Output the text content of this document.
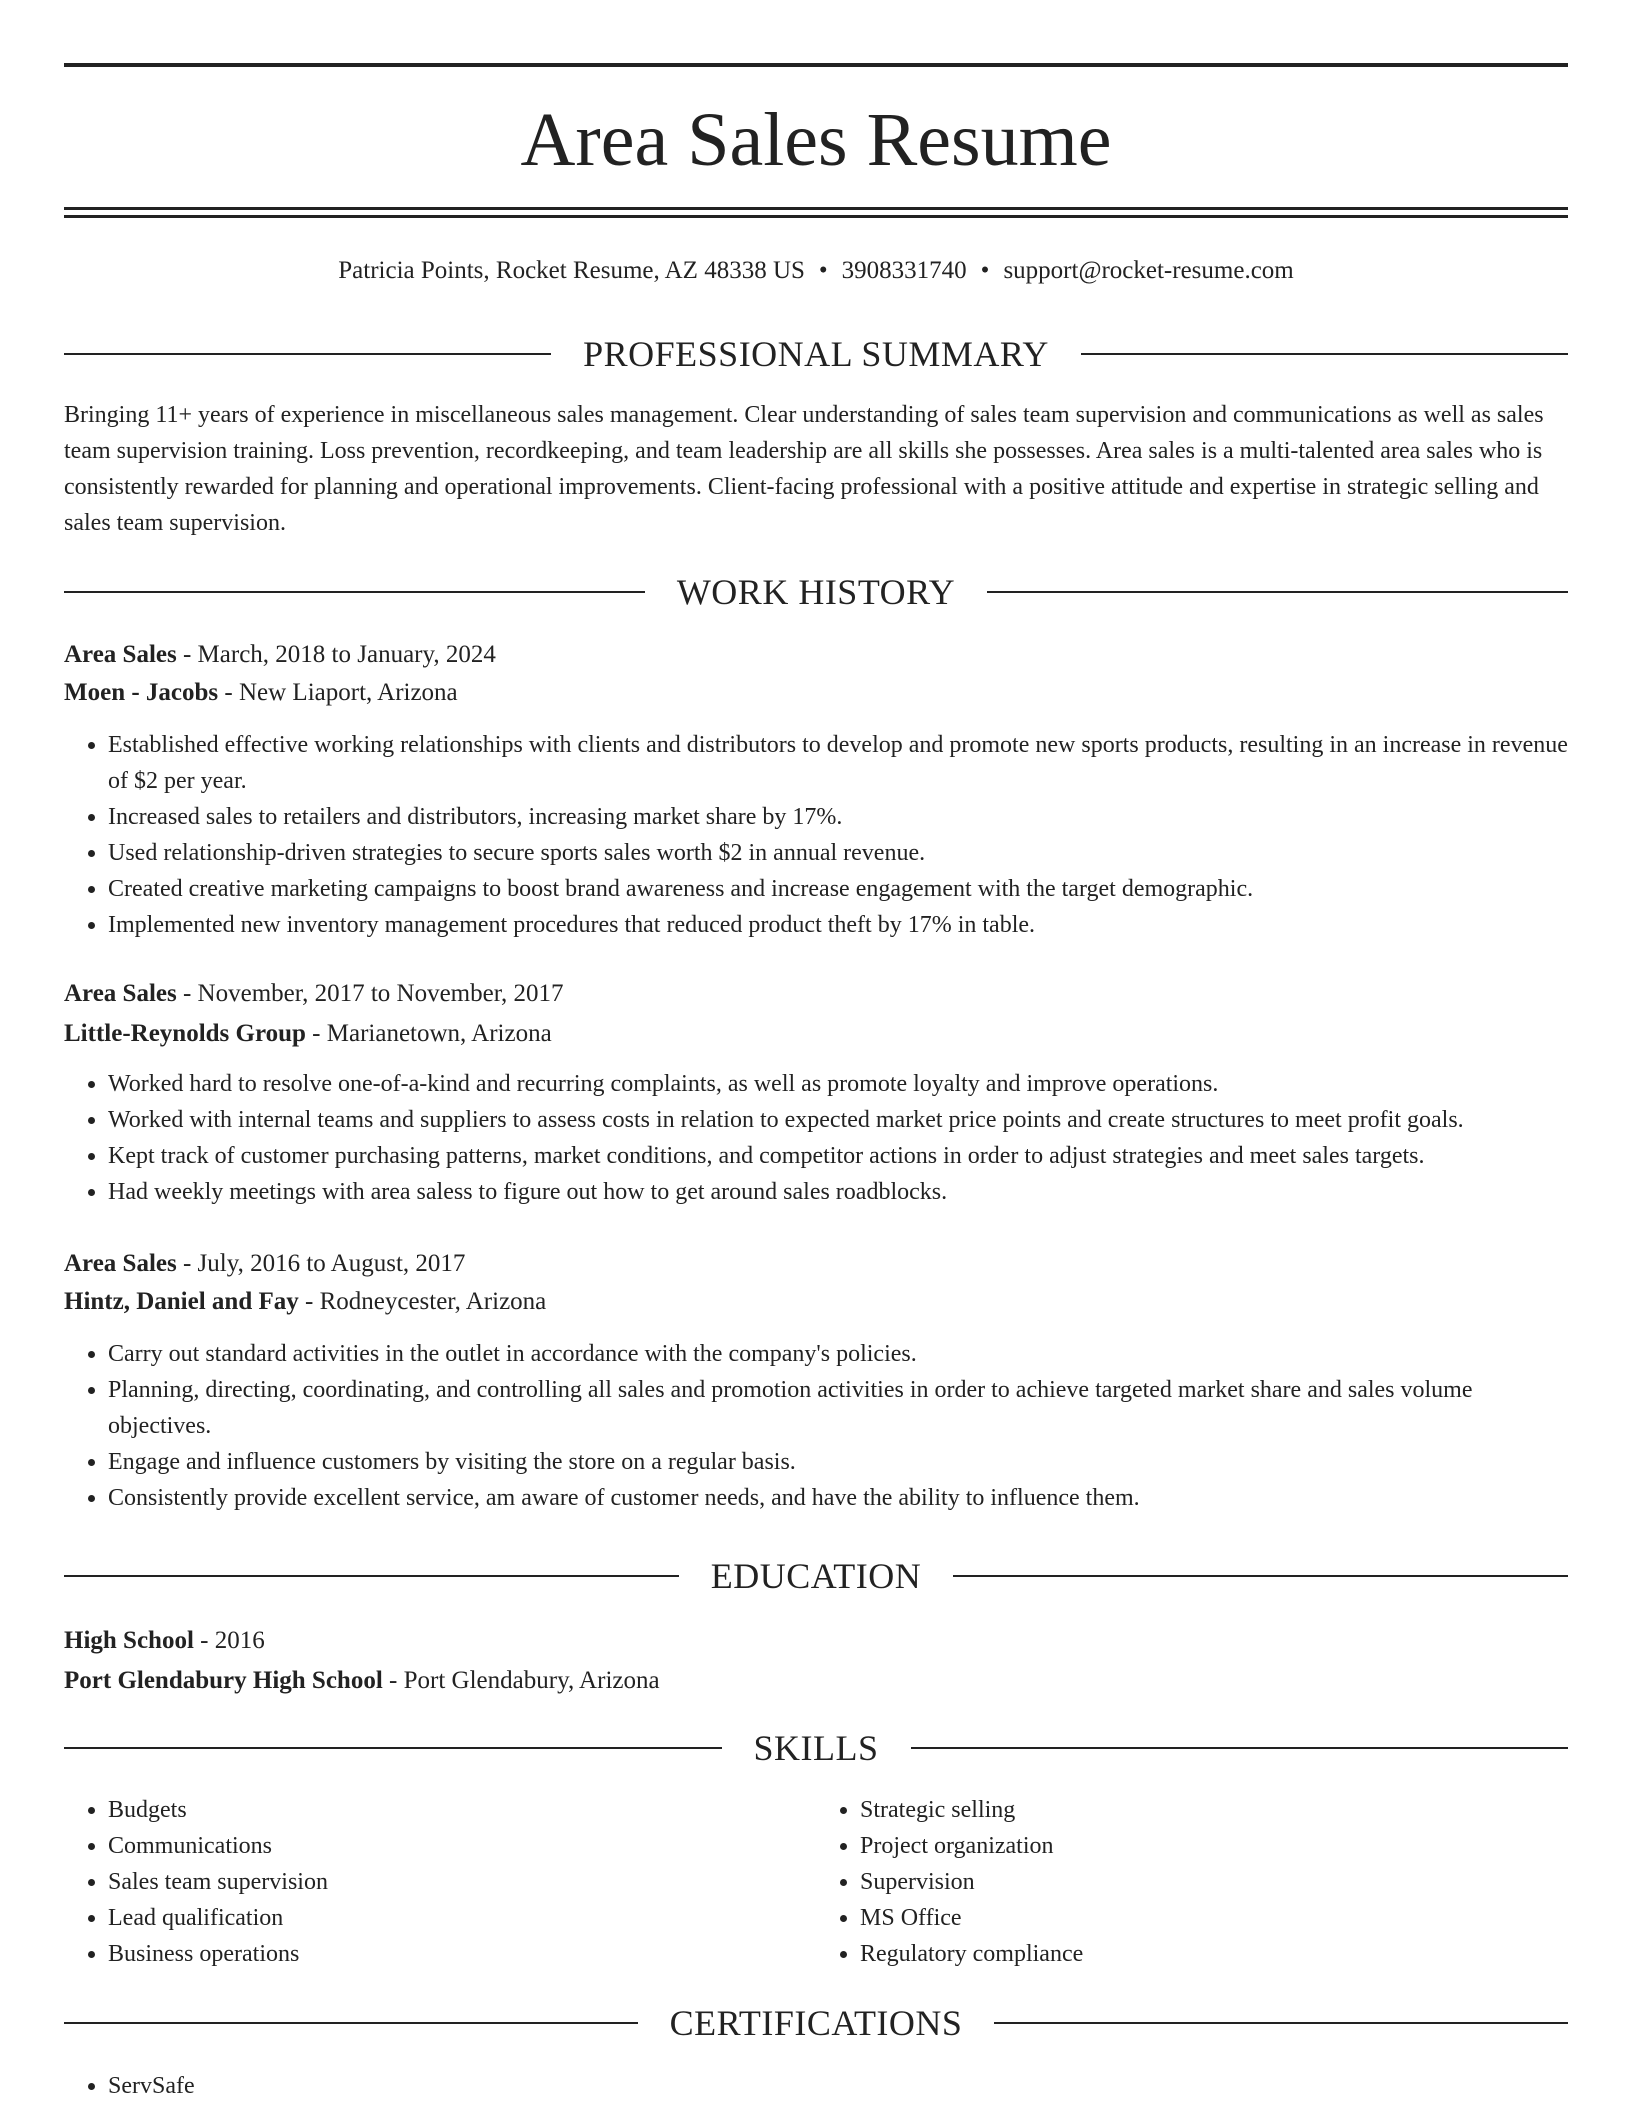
Area Sales Resume
Patricia Points, Rocket Resume, AZ 48338 US • 3908331740 • support@rocket-resume.com
PROFESSIONAL SUMMARY

Bringing 11+ years of experience in miscellaneous sales management. Clear understanding of sales team supervision and communications as well as sales team supervision training. Loss prevention, recordkeeping, and team leadership are all skills she possesses. Area sales is a multi-talented area sales who is consistently rewarded for planning and operational improvements. Client-facing professional with a positive attitude and expertise in strategic selling and sales team supervision.

WORK HISTORY

Area Sales - March, 2018 to January, 2024

Moen - Jacobs - New Liaport, Arizona

• Established effective working relationships with clients and distributors to develop and promote new sports products, resulting in an increase in revenue of $2 per year.
• Increased sales to retailers and distributors, increasing market share by 17%.
• Used relationship-driven strategies to secure sports sales worth $2 in annual revenue.
• Created creative marketing campaigns to boost brand awareness and increase engagement with the target demographic.
• Implemented new inventory management procedures that reduced product theft by 17% in table.

Area Sales - November, 2017 to November, 2017

Little-Reynolds Group - Marianetown, Arizona

• Worked hard to resolve one-of-a-kind and recurring complaints, as well as promote loyalty and improve operations.
• Worked with internal teams and suppliers to assess costs in relation to expected market price points and create structures to meet profit goals.
• Kept track of customer purchasing patterns, market conditions, and competitor actions in order to adjust strategies and meet sales targets.
• Had weekly meetings with area saless to figure out how to get around sales roadblocks.

Area Sales - July, 2016 to August, 2017

Hintz, Daniel and Fay - Rodneycester, Arizona

• Carry out standard activities in the outlet in accordance with the company's policies.
• Planning, directing, coordinating, and controlling all sales and promotion activities in order to achieve targeted market share and sales volume objectives.
• Engage and influence customers by visiting the store on a regular basis.
• Consistently provide excellent service, am aware of customer needs, and have the ability to influence them.
EDUCATION

High School - 2016

Port Glendabury High School - Port Glendabury, Arizona

SKILLS
• Budgets
• Communications
• Sales team supervision
• Lead qualification
• Business operations
• Strategic selling
• Project organization
• Supervision
• MS Office
• Regulatory compliance
CERTIFICATIONS
• ServSafe
